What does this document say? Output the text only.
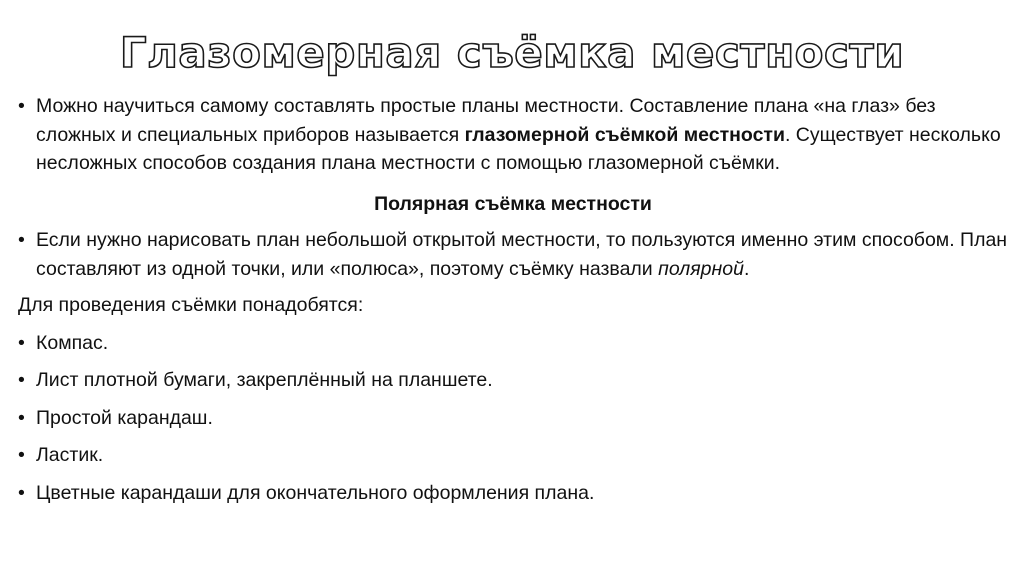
Глазомерная съёмка местности
• Можно научиться самому составлять простые планы местности. Составление плана «на глаз» без сложных и специальных приборов называется глазомерной съёмкой местности. Существует несколько несложных способов создания плана местности с помощью глазомерной съёмки.
Полярная съёмка местности
• Если нужно нарисовать план небольшой открытой местности, то пользуются именно этим способом. План составляют из одной точки, или «полюса», поэтому съёмку назвали полярной.
Для проведения съёмки понадобятся:
• Компас.
• Лист плотной бумаги, закреплённый на планшете.
• Простой карандаш.
• Ластик.
• Цветные карандаши для окончательного оформления плана.
